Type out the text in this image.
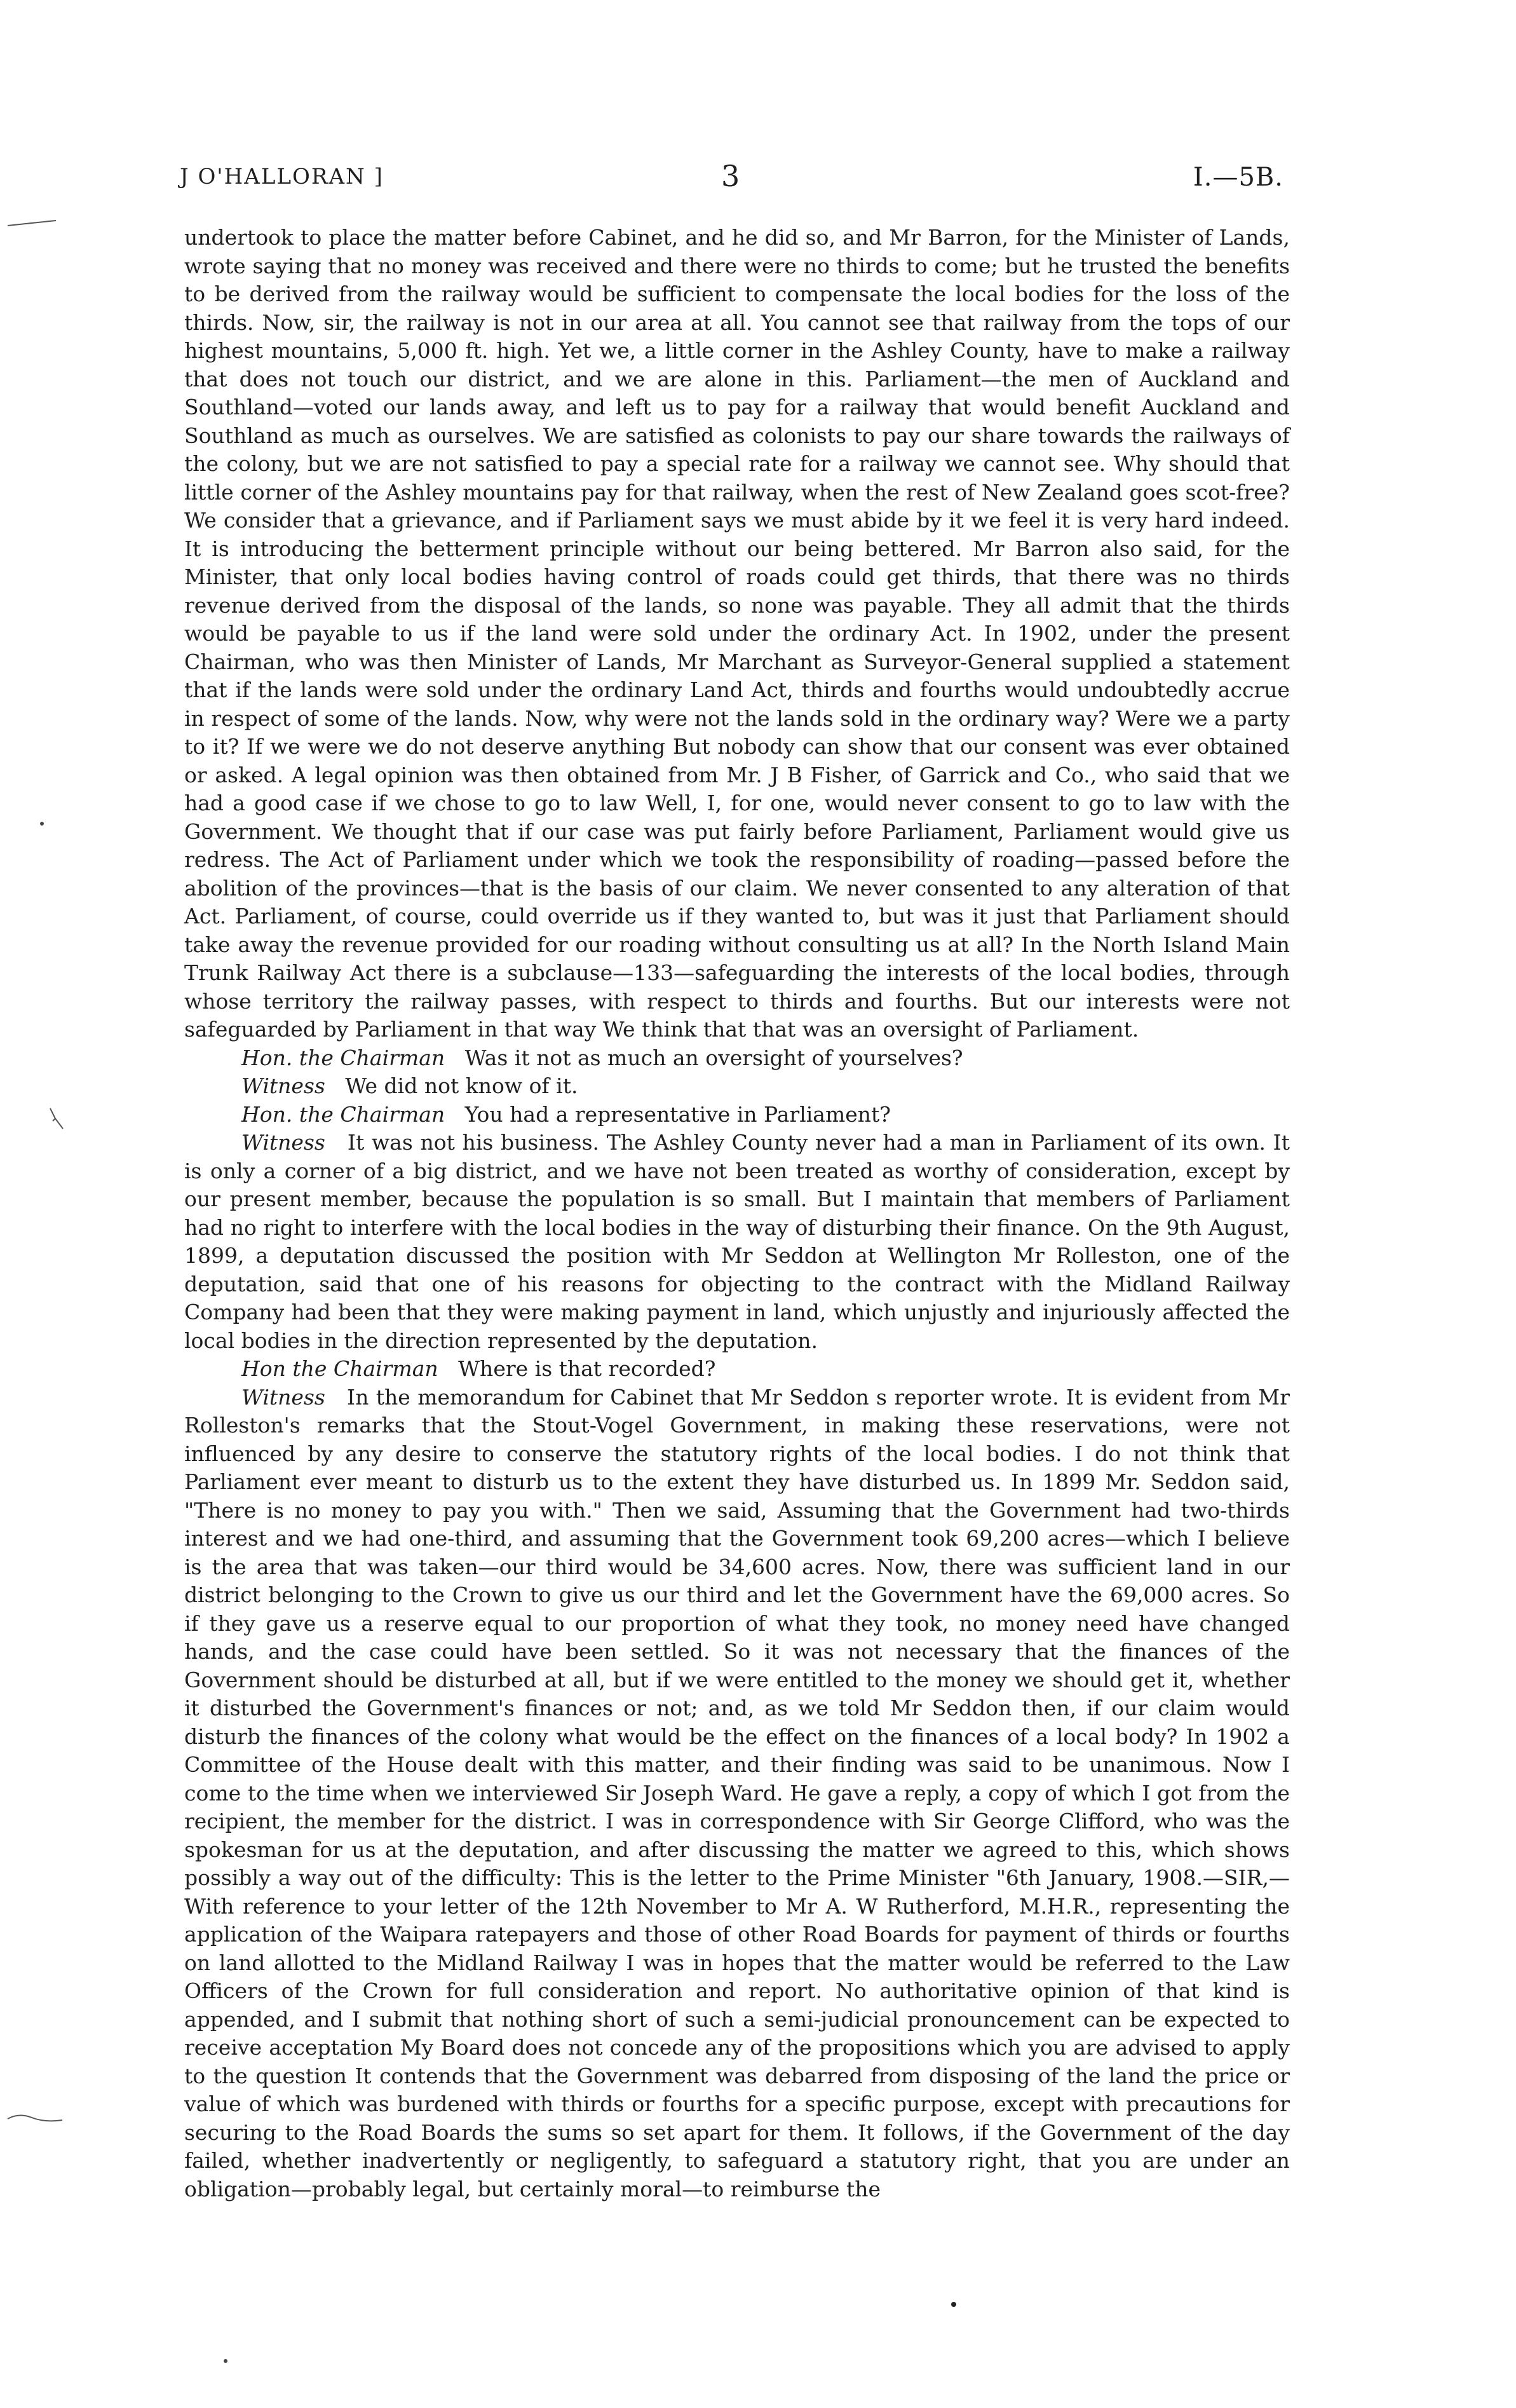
J O'HALLORAN ]	3	I.—5B.

undertook to place the matter before Cabinet, and he did so, and Mr Barron, for the Minister of Lands, wrote saying that no money was received and there were no thirds to come; but he trusted the benefits to be derived from the railway would be sufficient to compensate the local bodies for the loss of the thirds. Now, sir, the railway is not in our area at all. You cannot see that railway from the tops of our highest mountains, 5,000 ft. high. Yet we, a little corner in the Ashley County, have to make a railway that does not touch our district, and we are alone in this. Parliament—the men of Auckland and Southland—voted our lands away, and left us to pay for a railway that would benefit Auckland and Southland as much as ourselves. We are satisfied as colonists to pay our share towards the railways of the colony, but we are not satisfied to pay a special rate for a railway we cannot see. Why should that little corner of the Ashley mountains pay for that railway, when the rest of New Zealand goes scot-free? We consider that a grievance, and if Parliament says we must abide by it we feel it is very hard indeed. It is introducing the betterment principle without our being bettered. Mr Barron also said, for the Minister, that only local bodies having control of roads could get thirds, that there was no thirds revenue derived from the disposal of the lands, so none was payable. They all admit that the thirds would be payable to us if the land were sold under the ordinary Act. In 1902, under the present Chairman, who was then Minister of Lands, Mr Marchant as Surveyor-General supplied a statement that if the lands were sold under the ordinary Land Act, thirds and fourths would undoubtedly accrue in respect of some of the lands. Now, why were not the lands sold in the ordinary way? Were we a party to it? If we were we do not deserve anything But nobody can show that our consent was ever obtained or asked. A legal opinion was then obtained from Mr. J B Fisher, of Garrick and Co., who said that we had a good case if we chose to go to law Well, I, for one, would never consent to go to law with the Government. We thought that if our case was put fairly before Parliament, Parliament would give us redress. The Act of Parliament under which we took the responsibility of roading—passed before the abolition of the provinces—that is the basis of our claim. We never consented to any alteration of that Act. Parliament, of course, could override us if they wanted to, but was it just that Parliament should take away the revenue provided for our roading without consulting us at all? In the North Island Main Trunk Railway Act there is a subclause—133—safeguarding the interests of the local bodies, through whose territory the railway passes, with respect to thirds and fourths. But our interests were not safeguarded by Parliament in that way We think that that was an oversight of Parliament.

Hon. the Chairman Was it not as much an oversight of yourselves?

Witness We did not know of it.

Hon. the Chairman You had a representative in Parliament?

Witness It was not his business. The Ashley County never had a man in Parliament of its own. It is only a corner of a big district, and we have not been treated as worthy of consideration, except by our present member, because the population is so small. But I maintain that members of Parliament had no right to interfere with the local bodies in the way of disturbing their finance. On the 9th August, 1899, a deputation discussed the position with Mr Seddon at Wellington Mr Rolleston, one of the deputation, said that one of his reasons for objecting to the contract with the Midland Railway Company had been that they were making payment in land, which unjustly and injuriously affected the local bodies in the direction represented by the deputation.

Hon the Chairman Where is that recorded?

Witness In the memorandum for Cabinet that Mr Seddon s reporter wrote. It is evident from Mr Rolleston's remarks that the Stout-Vogel Government, in making these reservations, were not influenced by any desire to conserve the statutory rights of the local bodies. I do not think that Parliament ever meant to disturb us to the extent they have disturbed us. In 1899 Mr. Seddon said, "There is no money to pay you with." Then we said, Assuming that the Government had two-thirds interest and we had one-third, and assuming that the Government took 69,200 acres—which I believe is the area that was taken—our third would be 34,600 acres. Now, there was sufficient land in our district belonging to the Crown to give us our third and let the Government have the 69,000 acres. So if they gave us a reserve equal to our proportion of what they took, no money need have changed hands, and the case could have been settled. So it was not necessary that the finances of the Government should be disturbed at all, but if we were entitled to the money we should get it, whether it disturbed the Government's finances or not; and, as we told Mr Seddon then, if our claim would disturb the finances of the colony what would be the effect on the finances of a local body? In 1902 a Committee of the House dealt with this matter, and their finding was said to be unanimous. Now I come to the time when we interviewed Sir Joseph Ward. He gave a reply, a copy of which I got from the recipient, the member for the district. I was in correspondence with Sir George Clifford, who was the spokesman for us at the deputation, and after discussing the matter we agreed to this, which shows possibly a way out of the difficulty: This is the letter to the Prime Minister "6th January, 1908.—SIR,—With reference to your letter of the 12th November to Mr A. W Rutherford, M.H.R., representing the application of the Waipara ratepayers and those of other Road Boards for payment of thirds or fourths on land allotted to the Midland Railway I was in hopes that the matter would be referred to the Law Officers of the Crown for full consideration and report. No authoritative opinion of that kind is appended, and I submit that nothing short of such a semi-judicial pronouncement can be expected to receive acceptation My Board does not concede any of the propositions which you are advised to apply to the question It contends that the Government was debarred from disposing of the land the price or value of which was burdened with thirds or fourths for a specific purpose, except with precautions for securing to the Road Boards the sums so set apart for them. It follows, if the Government of the day failed, whether inadvertently or negligently, to safeguard a statutory right, that you are under an obligation—probably legal, but certainly moral—to reimburse the
